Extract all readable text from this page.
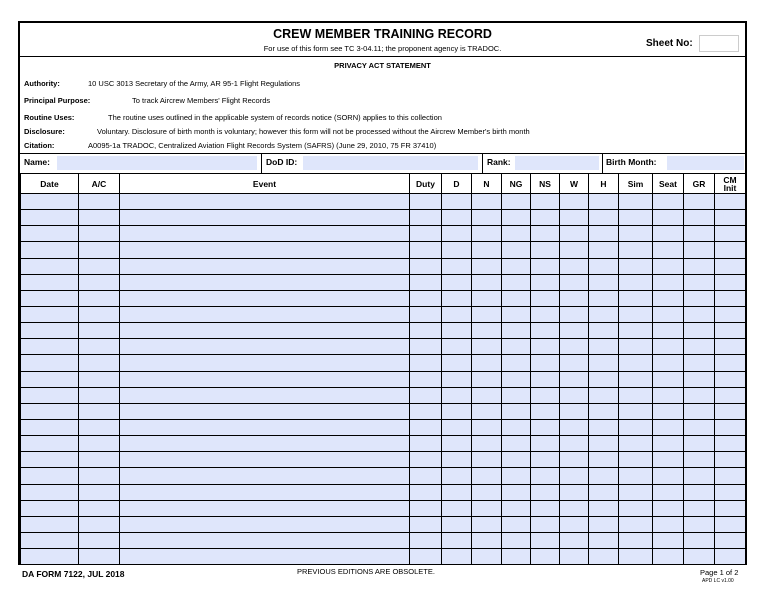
CREW MEMBER TRAINING RECORD
For use of this form see TC 3-04.11; the proponent agency is TRADOC.	Sheet No:
PRIVACY ACT STATEMENT
Authority:	10 USC 3013 Secretary of the Army, AR 95-1 Flight Regulations
Principal Purpose:	To track Aircrew Members' Flight Records
Routine Uses:	The routine uses outlined in the applicable system of records notice (SORN) applies to this collection
Disclosure:	Voluntary. Disclosure of birth month is voluntary; however this form will not be processed without the Aircrew Member's birth month
Citation:	A0095-1a TRADOC, Centralized Aviation Flight Records System (SAFRS) (June 29, 2010, 75 FR 37410)
Name:	DoD ID:	Rank:	Birth Month:
Date	A/C	Event	Duty	D	N	NG	NS	W	H	Sim	Seat	GR	CM
Init

DA FORM 7122, JUL 2018	PREVIOUS EDITIONS ARE OBSOLETE.	Page 1 of 2
APD LC v1.00
